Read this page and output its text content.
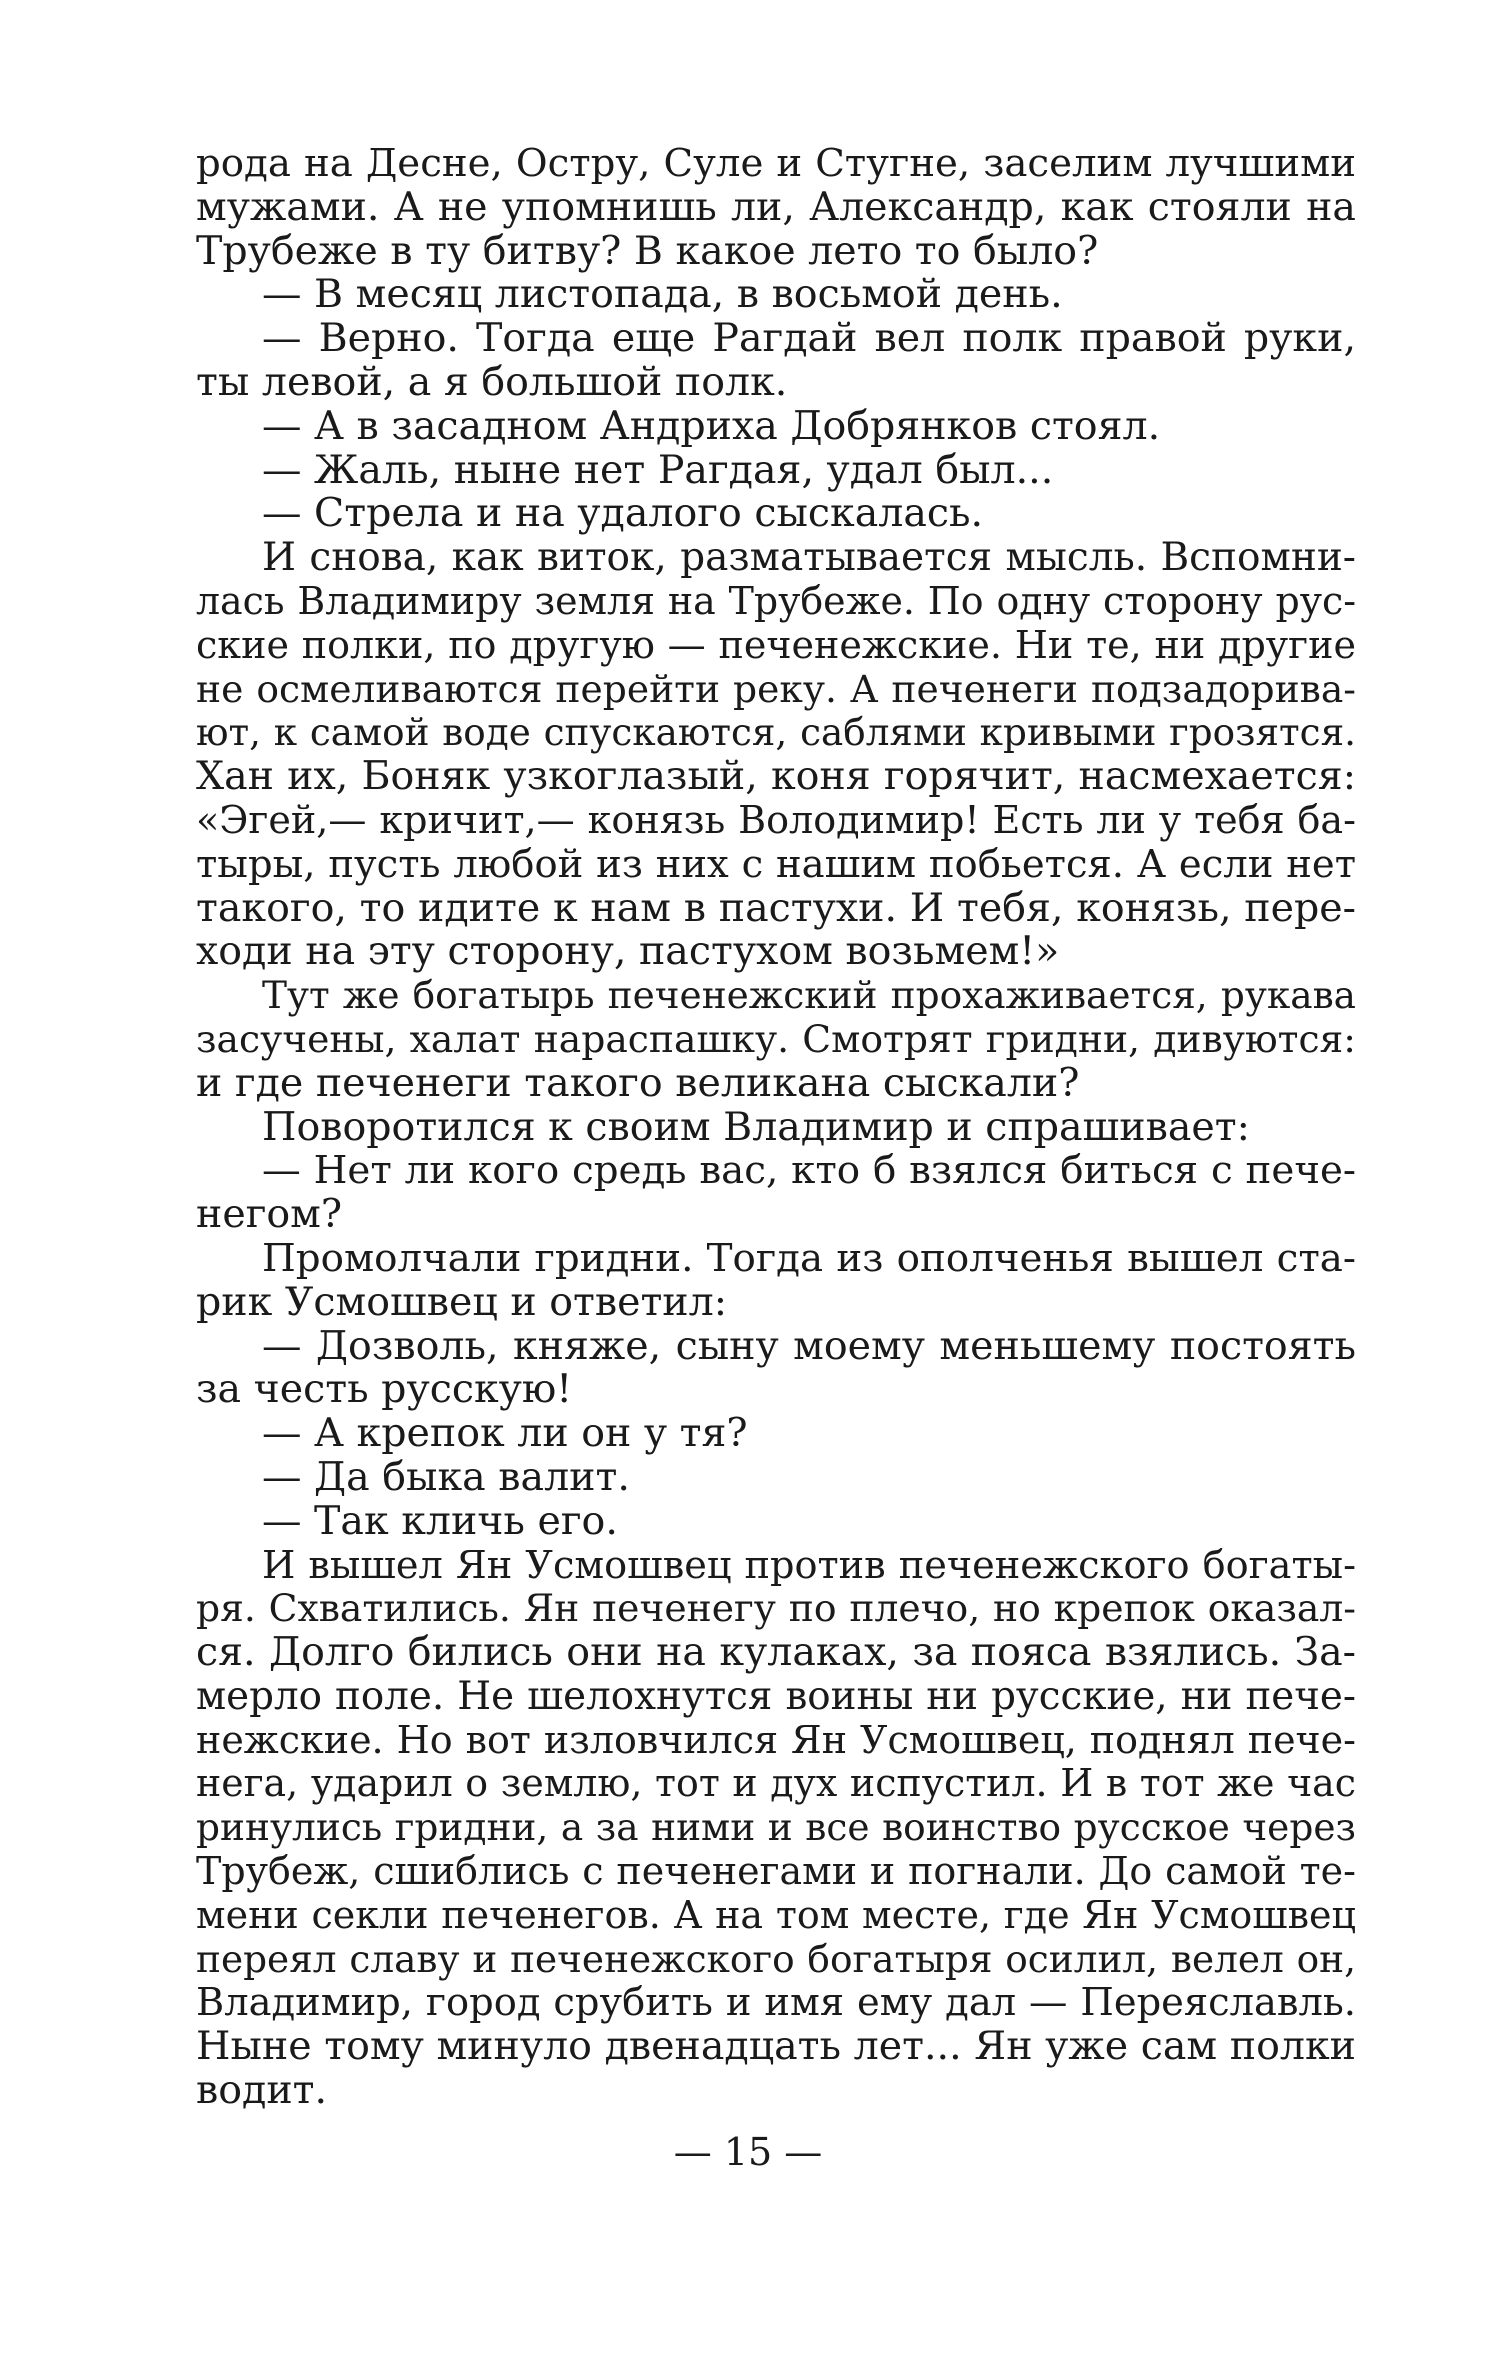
рода на Десне, Остру, Суле и Стугне, заселим лучшими
мужами. А не упомнишь ли, Александр, как стояли на
Трубеже в ту битву? В какое лето то было?
— В месяц листопада, в восьмой день.
— Верно. Тогда еще Рагдай вел полк правой руки,
ты левой, а я большой полк.
— А в засадном Андриха Добрянков стоял.
— Жаль, ныне нет Рагдая, удал был...
— Стрела и на удалого сыскалась.
И снова, как виток, разматывается мысль. Вспомни-
лась Владимиру земля на Трубеже. По одну сторону рус-
ские полки, по другую — печенежские. Ни те, ни другие
не осмеливаются перейти реку. А печенеги подзадорива-
ют, к самой воде спускаются, саблями кривыми грозятся.
Хан их, Боняк узкоглазый, коня горячит, насмехается:
«Эгей,— кричит,— конязь Володимир! Есть ли у тебя ба-
тыры, пусть любой из них с нашим побьется. А если нет
такого, то идите к нам в пастухи. И тебя, конязь, пере-
ходи на эту сторону, пастухом возьмем!»
Тут же богатырь печенежский прохаживается, рукава
засучены, халат нараспашку. Смотрят гридни, дивуются:
и где печенеги такого великана сыскали?
Поворотился к своим Владимир и спрашивает:
— Нет ли кого средь вас, кто б взялся биться с пече-
негом?
Промолчали гридни. Тогда из ополченья вышел ста-
рик Усмошвец и ответил:
— Дозволь, княже, сыну моему меньшему постоять
за честь русскую!
— А крепок ли он у тя?
— Да быка валит.
— Так кличь его.
И вышел Ян Усмошвец против печенежского богаты-
ря. Схватились. Ян печенегу по плечо, но крепок оказал-
ся. Долго бились они на кулаках, за пояса взялись. За-
мерло поле. Не шелохнутся воины ни русские, ни пече-
нежские. Но вот изловчился Ян Усмошвец, поднял пече-
нега, ударил о землю, тот и дух испустил. И в тот же час
ринулись гридни, а за ними и все воинство русское через
Трубеж, сшиблись с печенегами и погнали. До самой те-
мени секли печенегов. А на том месте, где Ян Усмошвец
переял славу и печенежского богатыря осилил, велел он,
Владимир, город срубить и имя ему дал — Переяславль.
Ныне тому минуло двенадцать лет... Ян уже сам полки
водит.
— 15 —
